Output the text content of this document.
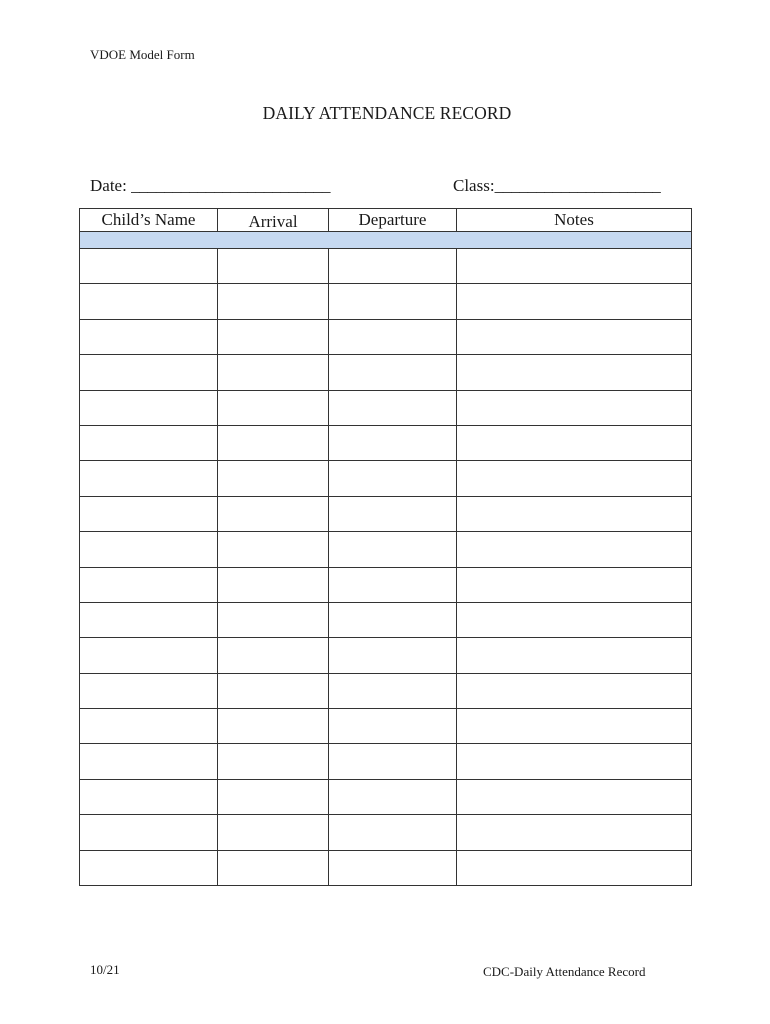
VDOE Model Form
DAILY ATTENDANCE RECORD
Date: ________________________	Class:____________________
Child’s Name	Arrival	Departure	Notes

10/21	CDC-Daily Attendance Record
